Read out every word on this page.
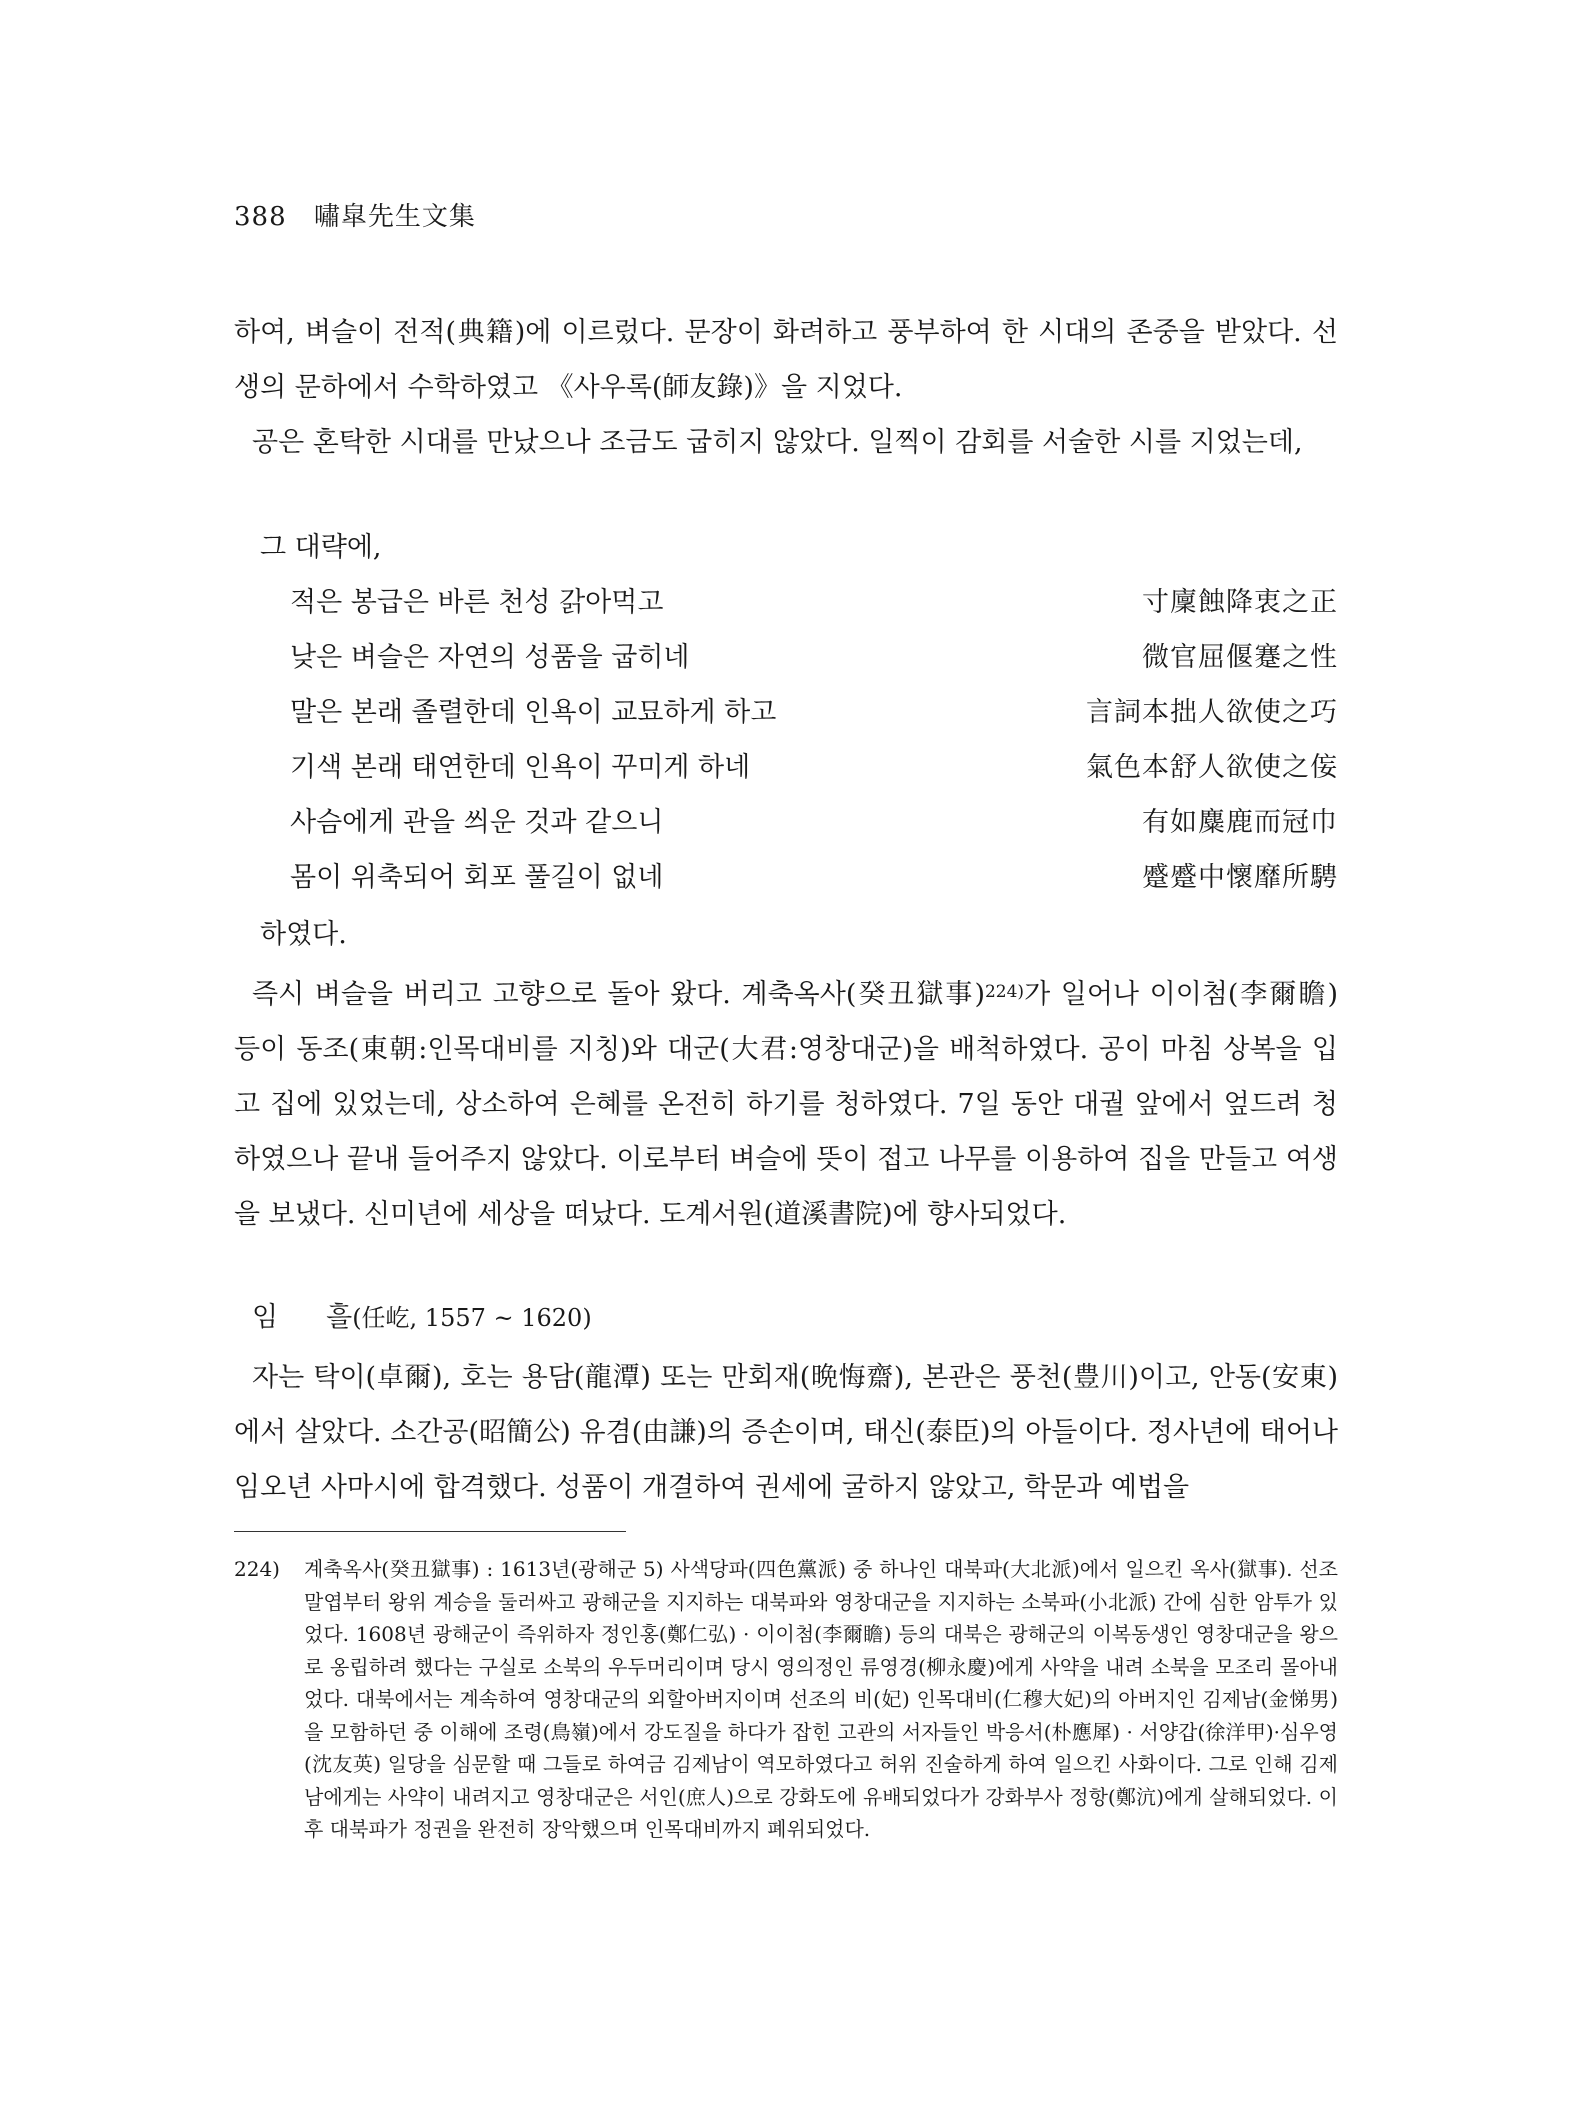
388 嘯皐先生文集

하여, 벼슬이 전적(典籍)에 이르렀다. 문장이 화려하고 풍부하여 한 시대의 존중을 받았다. 선생의 문하에서 수학하였고 《사우록(師友錄)》을 지었다.

공은 혼탁한 시대를 만났으나 조금도 굽히지 않았다. 일찍이 감회를 서술한 시를 지었는데,

그 대략에,
적은 봉급은 바른 천성 갉아먹고	寸廩蝕降衷之正
낮은 벼슬은 자연의 성품을 굽히네	微官屈偃蹇之性
말은 본래 졸렬한데 인욕이 교묘하게 하고	言詞本拙人欲使之巧
기색 본래 태연한데 인욕이 꾸미게 하네	氣色本舒人欲使之侫
사슴에게 관을 씌운 것과 같으니	有如麋鹿而冠巾
몸이 위축되어 회포 풀길이 없네	蹙蹙中懷靡所騁
하였다.

즉시 벼슬을 버리고 고향으로 돌아 왔다. 계축옥사(癸丑獄事)$^{224)}$가 일어나 이이첨(李爾瞻) 등이 동조(東朝:인목대비를 지칭)와 대군(大君:영창대군)을 배척하였다. 공이 마침 상복을 입고 집에 있었는데, 상소하여 은혜를 온전히 하기를 청하였다. 7일 동안 대궐 앞에서 엎드려 청하였으나 끝내 들어주지 않았다. 이로부터 벼슬에 뜻이 접고 나무를 이용하여 집을 만들고 여생을 보냈다. 신미년에 세상을 떠났다. 도계서원(道溪書院)에 향사되었다.

임 흘(任屹, 1557 ~ 1620)

자는 탁이(卓爾), 호는 용담(龍潭) 또는 만회재(晩悔齋), 본관은 풍천(豊川)이고, 안동(安東)에서 살았다. 소간공(昭簡公) 유겸(由謙)의 증손이며, 태신(泰臣)의 아들이다. 정사년에 태어나 임오년 사마시에 합격했다. 성품이 개결하여 권세에 굴하지 않았고, 학문과 예법을

224) 계축옥사(癸丑獄事) : 1613년(광해군 5) 사색당파(四色黨派) 중 하나인 대북파(大北派)에서 일으킨 옥사(獄事). 선조 말엽부터 왕위 계승을 둘러싸고 광해군을 지지하는 대북파와 영창대군을 지지하는 소북파(小北派) 간에 심한 암투가 있었다. 1608년 광해군이 즉위하자 정인홍(鄭仁弘) · 이이첨(李爾瞻) 등의 대북은 광해군의 이복동생인 영창대군을 왕으로 옹립하려 했다는 구실로 소북의 우두머리이며 당시 영의정인 류영경(柳永慶)에게 사약을 내려 소북을 모조리 몰아내었다. 대북에서는 계속하여 영창대군의 외할아버지이며 선조의 비(妃) 인목대비(仁穆大妃)의 아버지인 김제남(金悌男)을 모함하던 중 이해에 조령(鳥嶺)에서 강도질을 하다가 잡힌 고관의 서자들인 박응서(朴應犀) · 서양갑(徐洋甲)·심우영(沈友英) 일당을 심문할 때 그들로 하여금 김제남이 역모하였다고 허위 진술하게 하여 일으킨 사화이다. 그로 인해 김제남에게는 사약이 내려지고 영창대군은 서인(庶人)으로 강화도에 유배되었다가 강화부사 정항(鄭沆)에게 살해되었다. 이후 대북파가 정권을 완전히 장악했으며 인목대비까지 폐위되었다.
